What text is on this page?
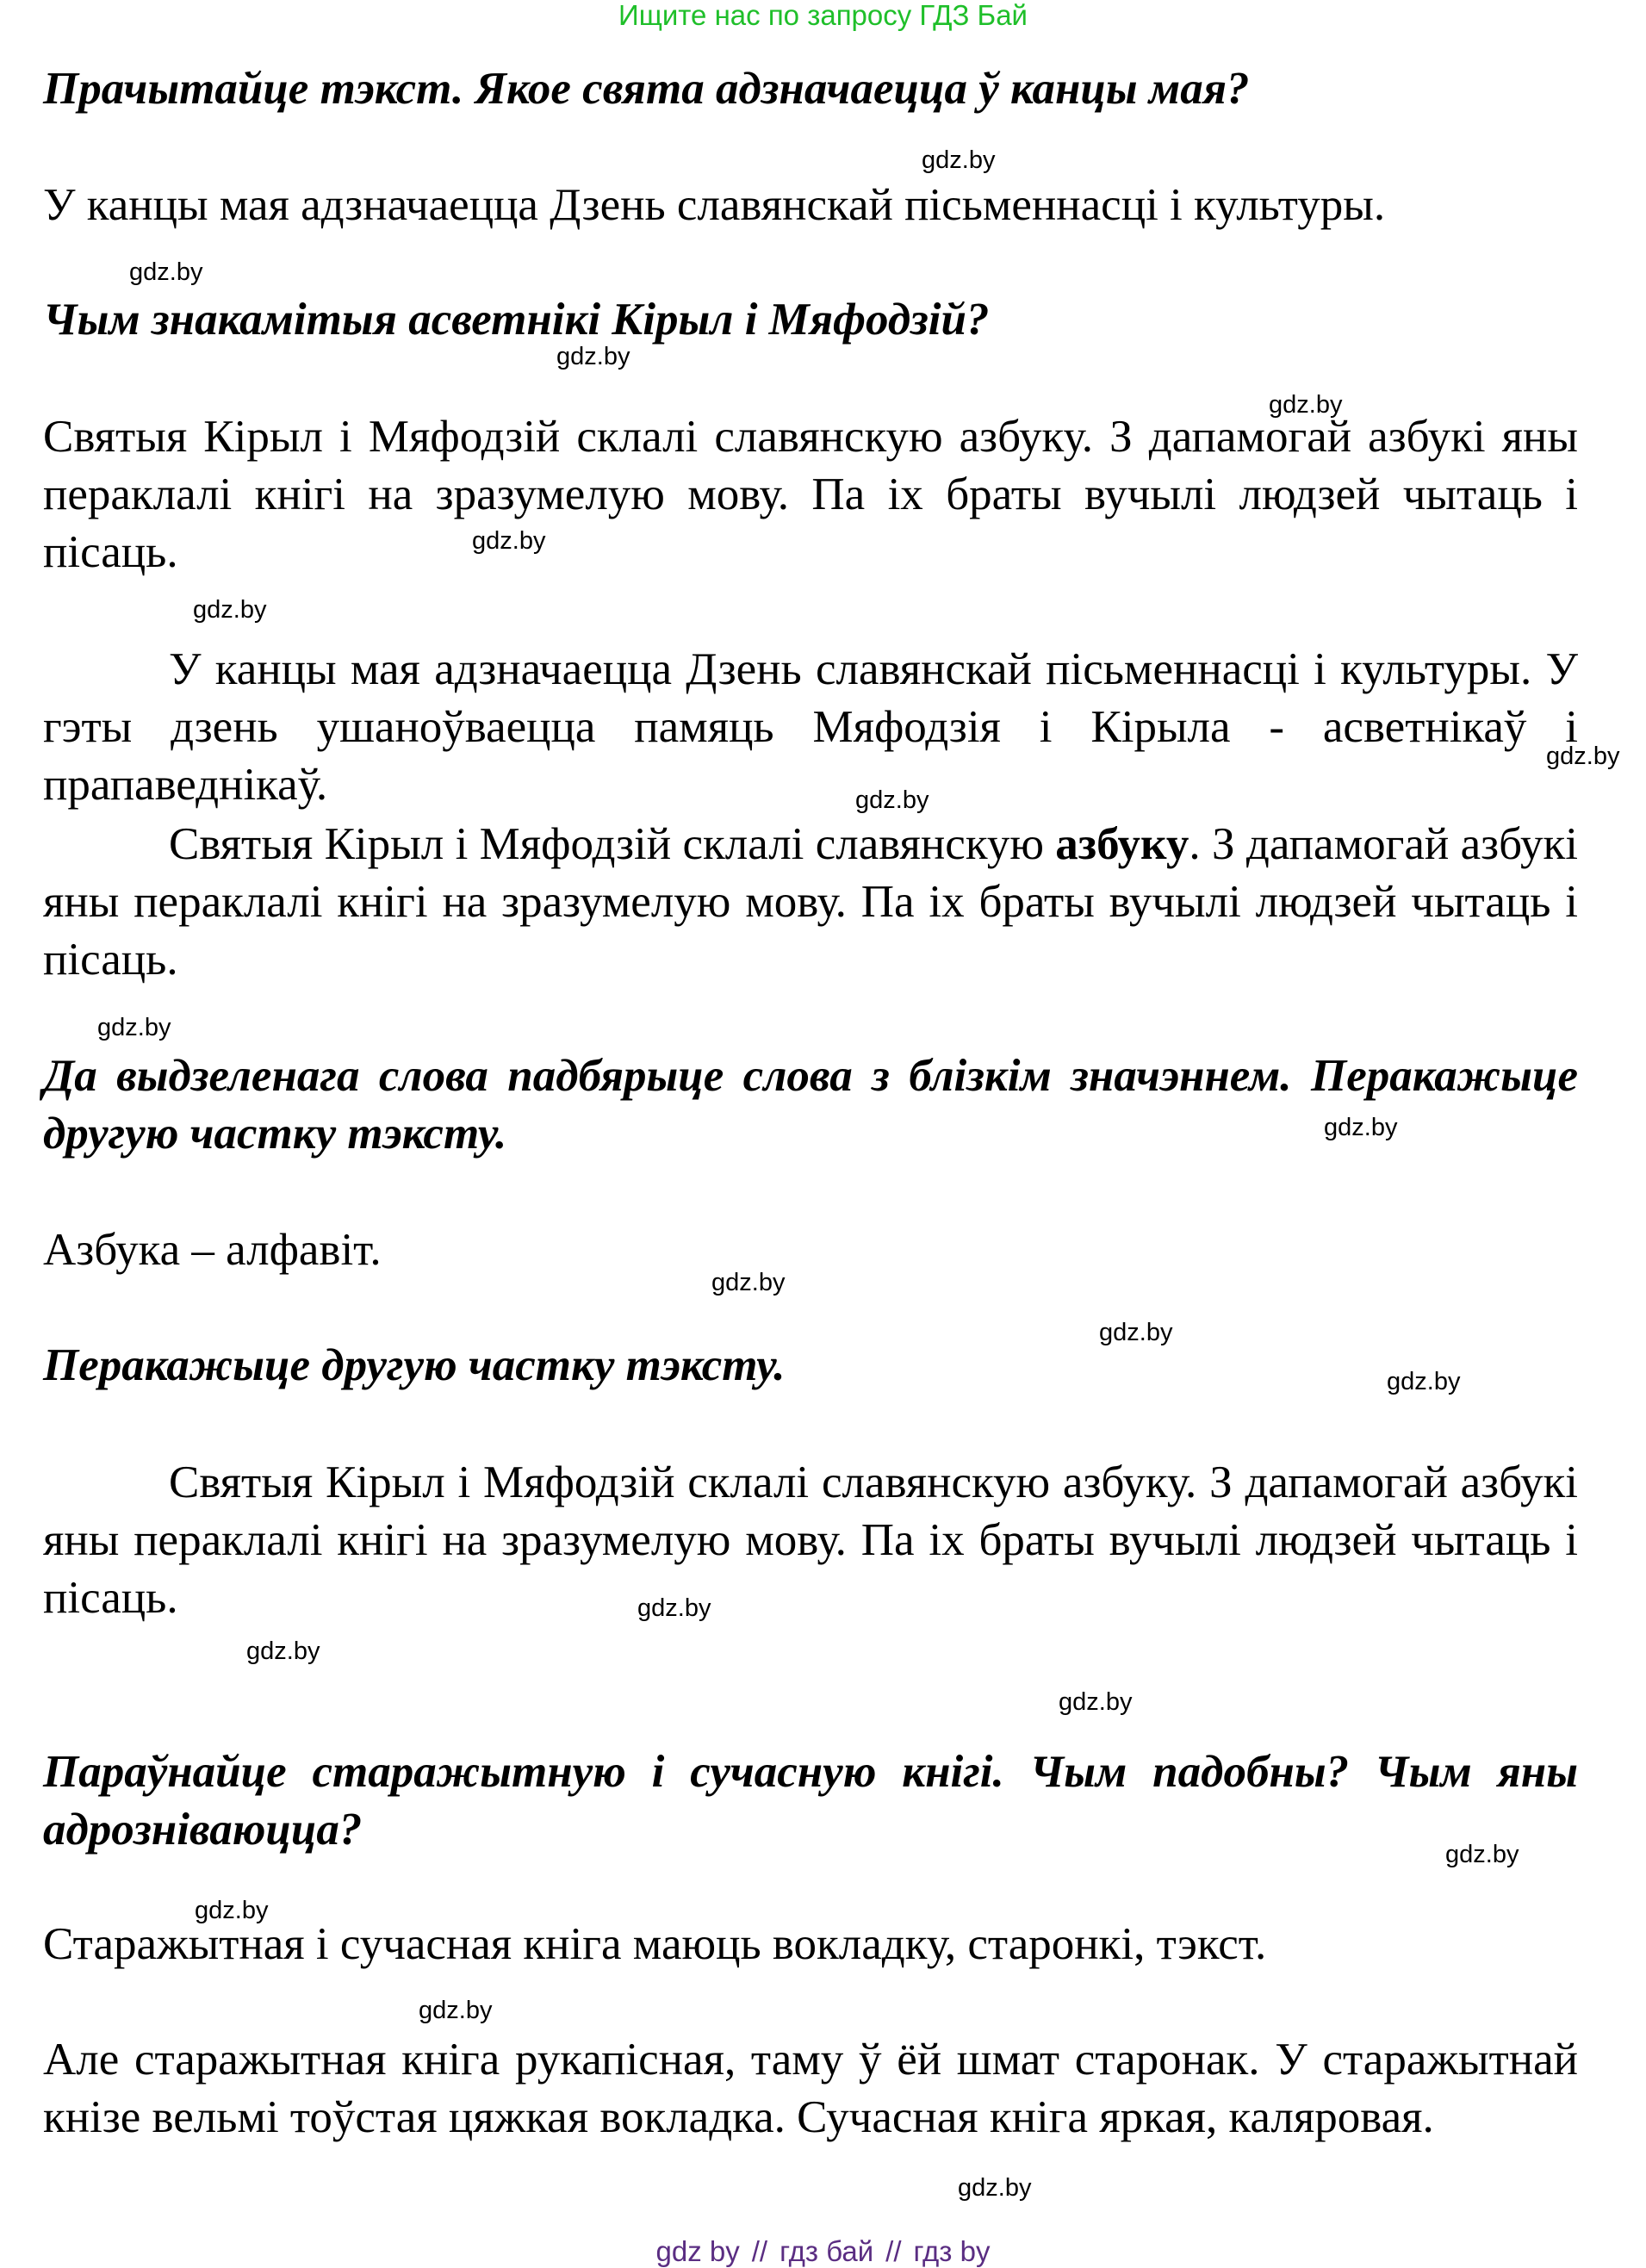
Ищите нас по запросу ГДЗ Бай
Прачытайце тэкст. Якое свята адзначаецца ў канцы мая?
У канцы мая адзначаецца Дзень славянскай пісьменнасці і культуры.
Чым знакамітыя асветнікі Кірыл і Мяфодзій?
Святыя Кірыл і Мяфодзій склалі славянскую азбуку. З дапамогай азбукі яны пераклалі кнігі на зразумелую мову. Па іх браты вучылі людзей чытаць і пісаць.
У канцы мая адзначаецца Дзень славянскай пісьменнасці і культуры. У гэты дзень ушаноўваецца памяць Мяфодзія і Кірыла - асветнікаў і прапаведнікаў.
Святыя Кірыл і Мяфодзій склалі славянскую азбуку. З дапамогай азбукі яны пераклалі кнігі на зразумелую мову. Па іх браты вучылі людзей чытаць і пісаць.
Да выдзеленага слова падбярыце слова з блізкім значэннем. Перакажыце другую частку тэксту.
Азбука – алфавіт.
Перакажыце другую частку тэксту.
Святыя Кірыл і Мяфодзій склалі славянскую азбуку. З дапамогай азбукі яны пераклалі кнігі на зразумелую мову. Па іх браты вучылі людзей чытаць і пісаць.
Параўнайце старажытную і сучасную кнігі. Чым падобны? Чым яны адрозніваюцца?
Старажытная і сучасная кніга маюць вокладку, старонкі, тэкст.
Але старажытная кніга рукапісная, таму ў ёй шмат старонак. У старажытнай кнізе вельмі тоўстая цяжкая вокладка. Сучасная кніга яркая, каляровая.
gdz.by
gdz.by
gdz.by
gdz.by
gdz.by
gdz.by
gdz.by
gdz.by
gdz.by
gdz.by
gdz.by
gdz.by
gdz.by
gdz.by
gdz.by
gdz.by
gdz.by
gdz.by
gdz.by
gdz.by
gdz by // гдз бай // гдз by
